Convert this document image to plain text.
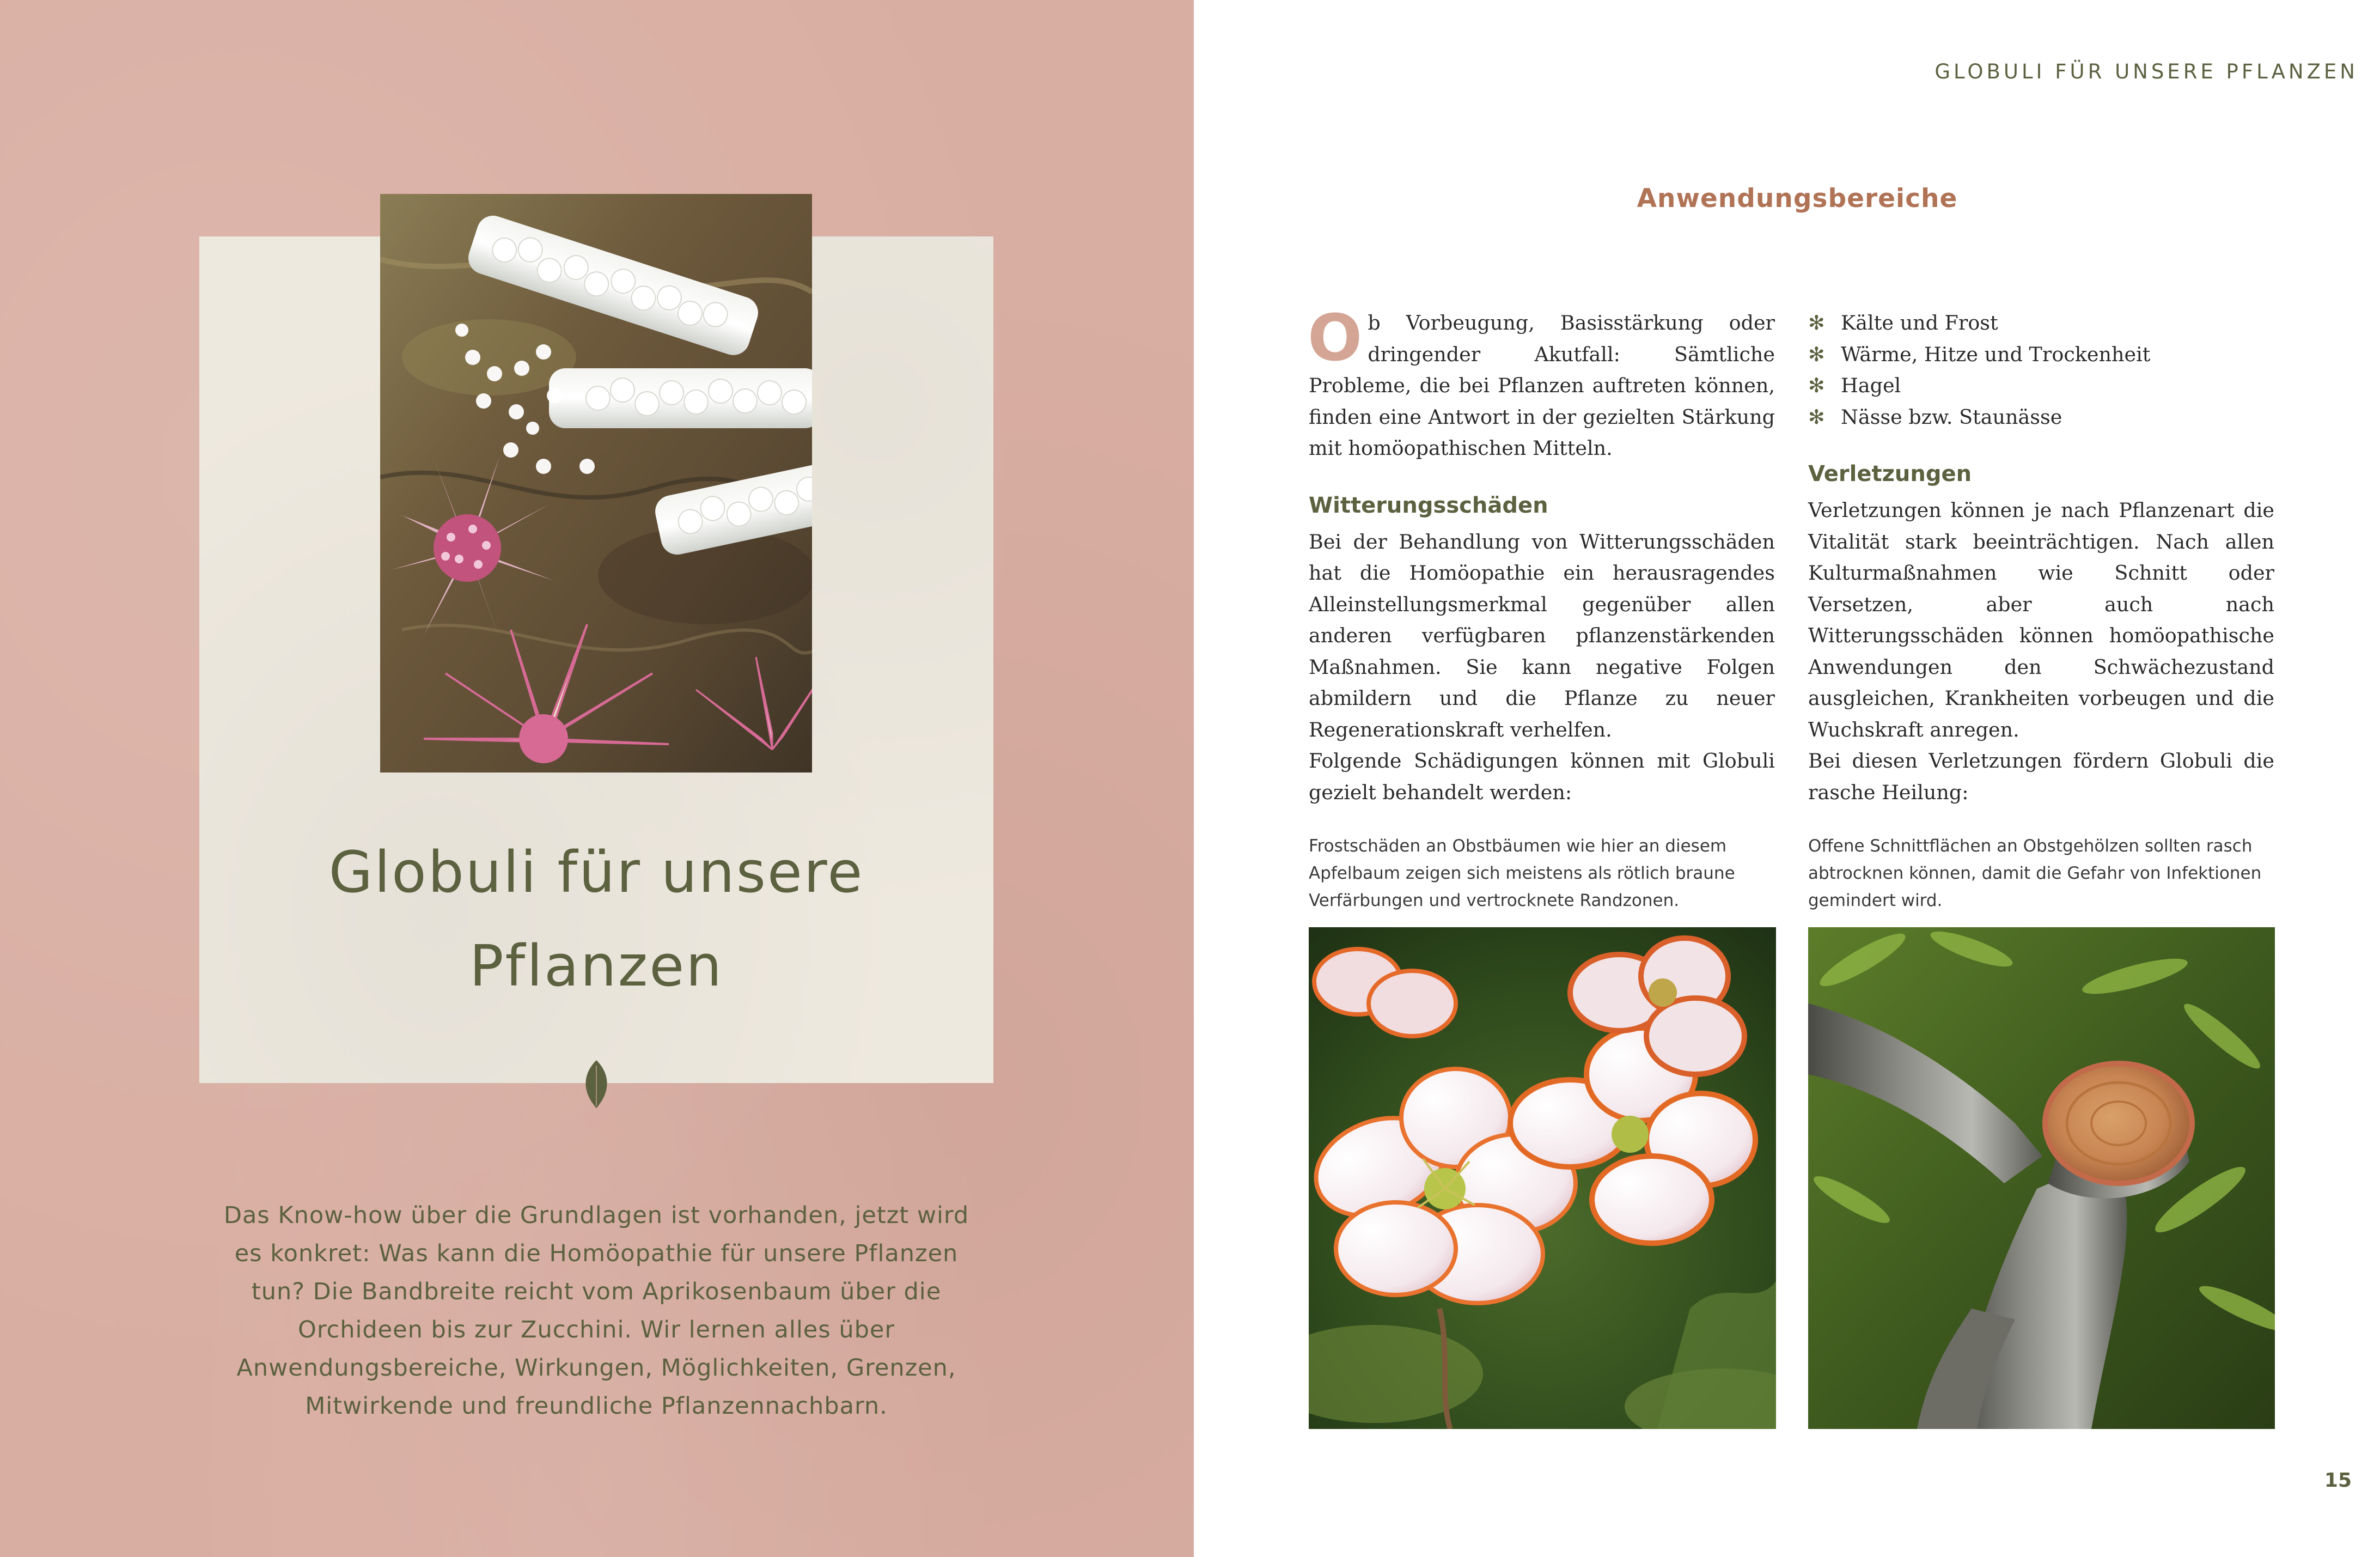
Globuli für unsere
Pflanzen

Das Know-how über die Grundlagen ist vorhanden, jetzt wird es konkret: Was kann die Homöopathie für unsere Pflanzen tun? Die Bandbreite reicht vom Aprikosenbaum über die Orchideen bis zur Zucchini. Wir lernen alles über Anwendungsbereiche, Wirkungen, Möglichkeiten, Grenzen, Mitwirkende und freundliche Pflanzennachbarn.

GLOBULI FÜR UNSERE PFLANZEN
Anwendungsbereiche

Ob Vorbeugung, Basisstärkung oder dringender Akutfall: Sämtliche Probleme, die bei Pflanzen auftreten können, finden eine Antwort in der gezielten Stärkung mit homöopathischen Mitteln.

Witterungsschäden

Bei der Behandlung von Witterungsschäden hat die Homöopathie ein herausragendes Alleinstellungsmerkmal gegenüber allen anderen verfügbaren pflanzenstärkenden Maßnahmen. Sie kann negative Folgen abmildern und die Pflanze zu neuer Regenerationskraft verhelfen.

Folgende Schädigungen können mit Globuli gezielt behandelt werden:

✻ Kälte und Frost
✻ Wärme, Hitze und Trockenheit
✻ Hagel
✻ Nässe bzw. Staunässe
Verletzungen

Verletzungen können je nach Pflanzenart die Vitalität stark beeinträchtigen. Nach allen Kulturmaßnahmen wie Schnitt oder Versetzen, aber auch nach Witterungsschäden können homöopathische Anwendungen den Schwächezustand ausgleichen, Krankheiten vorbeugen und die Wuchskraft anregen.

Bei diesen Verletzungen fördern Globuli die rasche Heilung:

Frostschäden an Obstbäumen wie hier an diesem Apfelbaum zeigen sich meistens als rötlich braune Verfärbungen und vertrocknete Randzonen.

Offene Schnittflächen an Obstgehölzen sollten rasch abtrocknen können, damit die Gefahr von Infektionen gemindert wird.

15
